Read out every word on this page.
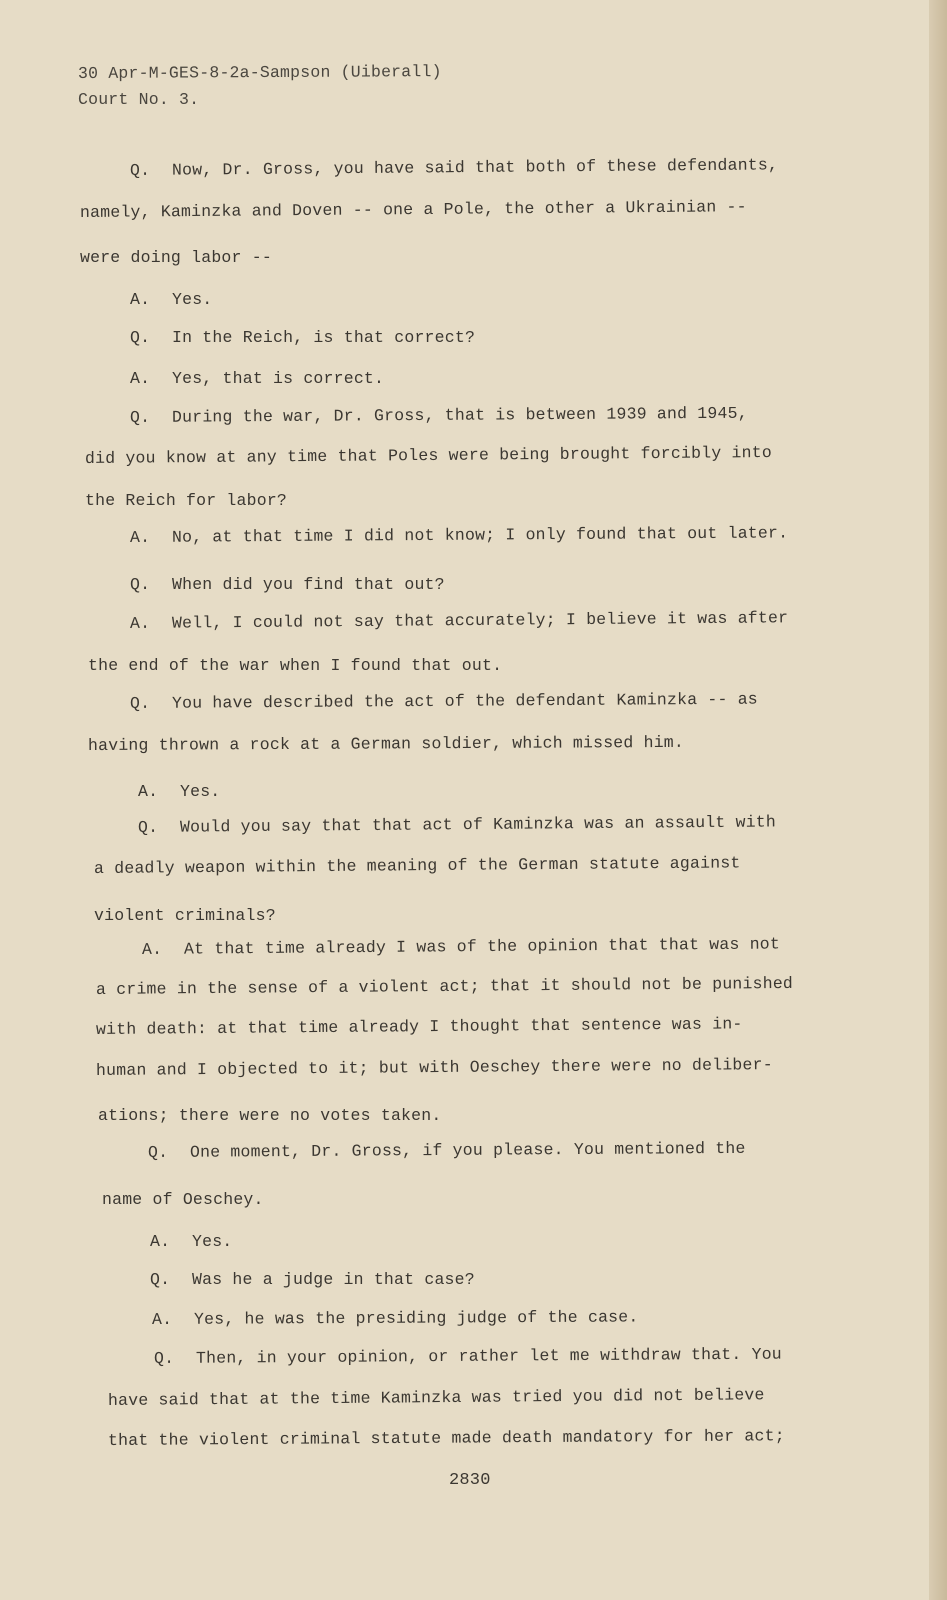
30 Apr-M-GES-8-2a-Sampson (Uiberall)
Court No. 3.
Q. Now, Dr. Gross, you have said that both of these defendants,
namely, Kaminzka and Doven -- one a Pole, the other a Ukrainian --
were doing labor --
A. Yes.
Q. In the Reich, is that correct?
A. Yes, that is correct.
Q. During the war, Dr. Gross, that is between 1939 and 1945,
did you know at any time that Poles were being brought forcibly into
the Reich for labor?
A. No, at that time I did not know; I only found that out later.
Q. When did you find that out?
A. Well, I could not say that accurately; I believe it was after
the end of the war when I found that out.
Q. You have described the act of the defendant Kaminzka -- as
having thrown a rock at a German soldier, which missed him.
A. Yes.
Q. Would you say that that act of Kaminzka was an assault with
a deadly weapon within the meaning of the German statute against
violent criminals?
A. At that time already I was of the opinion that that was not
a crime in the sense of a violent act; that it should not be punished
with death: at that time already I thought that sentence was in-
human and I objected to it; but with Oeschey there were no deliber-
ations; there were no votes taken.
Q. One moment, Dr. Gross, if you please. You mentioned the
name of Oeschey.
A. Yes.
Q. Was he a judge in that case?
A. Yes, he was the presiding judge of the case.
Q. Then, in your opinion, or rather let me withdraw that. You
have said that at the time Kaminzka was tried you did not believe
that the violent criminal statute made death mandatory for her act;
2830
